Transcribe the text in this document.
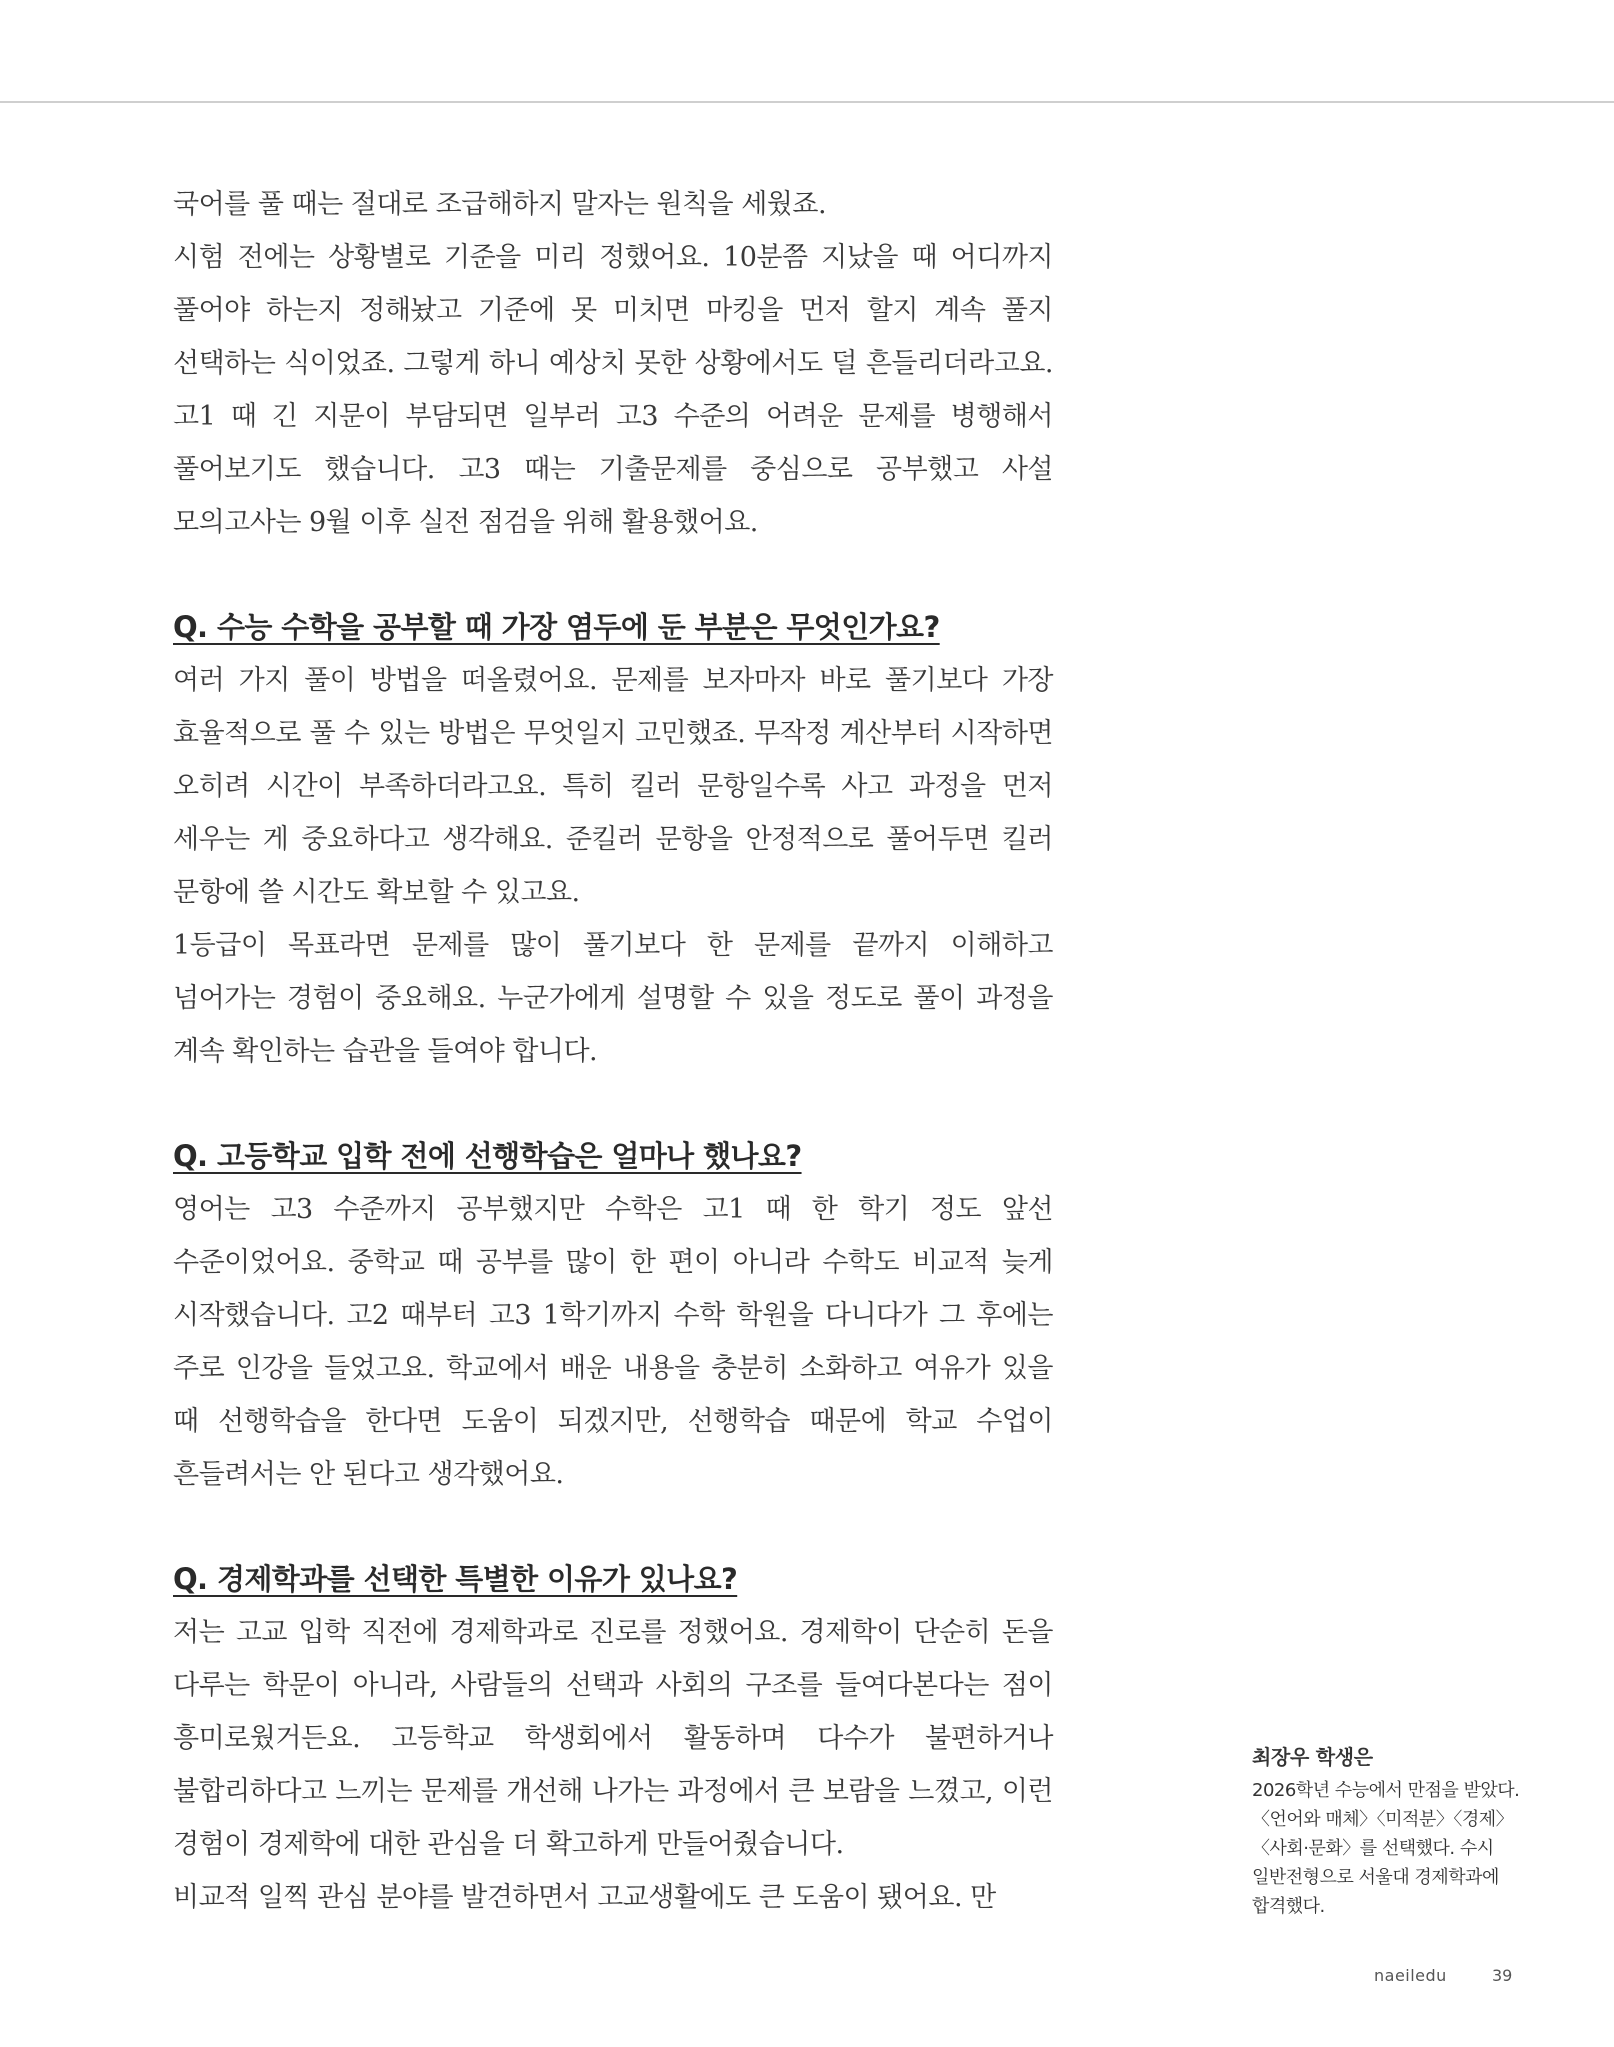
국어를 풀 때는 절대로 조급해하지 말자는 원칙을 세웠죠.

시험 전에는 상황별로 기준을 미리 정했어요. 10분쯤 지났을 때 어디까지 풀어야 하는지 정해놨고 기준에 못 미치면 마킹을 먼저 할지 계속 풀지 선택하는 식이었죠. 그렇게 하니 예상치 못한 상황에서도 덜 흔들리더라고요. 고1 때 긴 지문이 부담되면 일부러 고3 수준의 어려운 문제를 병행해서 풀어보기도 했습니다. 고3 때는 기출문제를 중심으로 공부했고 사설 모의고사는 9월 이후 실전 점검을 위해 활용했어요.

Q. 수능 수학을 공부할 때 가장 염두에 둔 부분은 무엇인가요?

여러 가지 풀이 방법을 떠올렸어요. 문제를 보자마자 바로 풀기보다 가장 효율적으로 풀 수 있는 방법은 무엇일지 고민했죠. 무작정 계산부터 시작하면 오히려 시간이 부족하더라고요. 특히 킬러 문항일수록 사고 과정을 먼저 세우는 게 중요하다고 생각해요. 준킬러 문항을 안정적으로 풀어두면 킬러 문항에 쓸 시간도 확보할 수 있고요.

1등급이 목표라면 문제를 많이 풀기보다 한 문제를 끝까지 이해하고 넘어가는 경험이 중요해요. 누군가에게 설명할 수 있을 정도로 풀이 과정을 계속 확인하는 습관을 들여야 합니다.

Q. 고등학교 입학 전에 선행학습은 얼마나 했나요?

영어는 고3 수준까지 공부했지만 수학은 고1 때 한 학기 정도 앞선 수준이었어요. 중학교 때 공부를 많이 한 편이 아니라 수학도 비교적 늦게 시작했습니다. 고2 때부터 고3 1학기까지 수학 학원을 다니다가 그 후에는 주로 인강을 들었고요. 학교에서 배운 내용을 충분히 소화하고 여유가 있을 때 선행학습을 한다면 도움이 되겠지만, 선행학습 때문에 학교 수업이 흔들려서는 안 된다고 생각했어요.

Q. 경제학과를 선택한 특별한 이유가 있나요?

저는 고교 입학 직전에 경제학과로 진로를 정했어요. 경제학이 단순히 돈을 다루는 학문이 아니라, 사람들의 선택과 사회의 구조를 들여다본다는 점이 흥미로웠거든요. 고등학교 학생회에서 활동하며 다수가 불편하거나 불합리하다고 느끼는 문제를 개선해 나가는 과정에서 큰 보람을 느꼈고, 이런 경험이 경제학에 대한 관심을 더 확고하게 만들어줬습니다.

비교적 일찍 관심 분야를 발견하면서 고교생활에도 큰 도움이 됐어요. 만

최장우 학생은

2026학년 수능에서 만점을 받았다. 〈언어와 매체〉〈미적분〉〈경제〉〈사회·문화〉를 선택했다. 수시 일반전형으로 서울대 경제학과에 합격했다.

naeiledu	39
